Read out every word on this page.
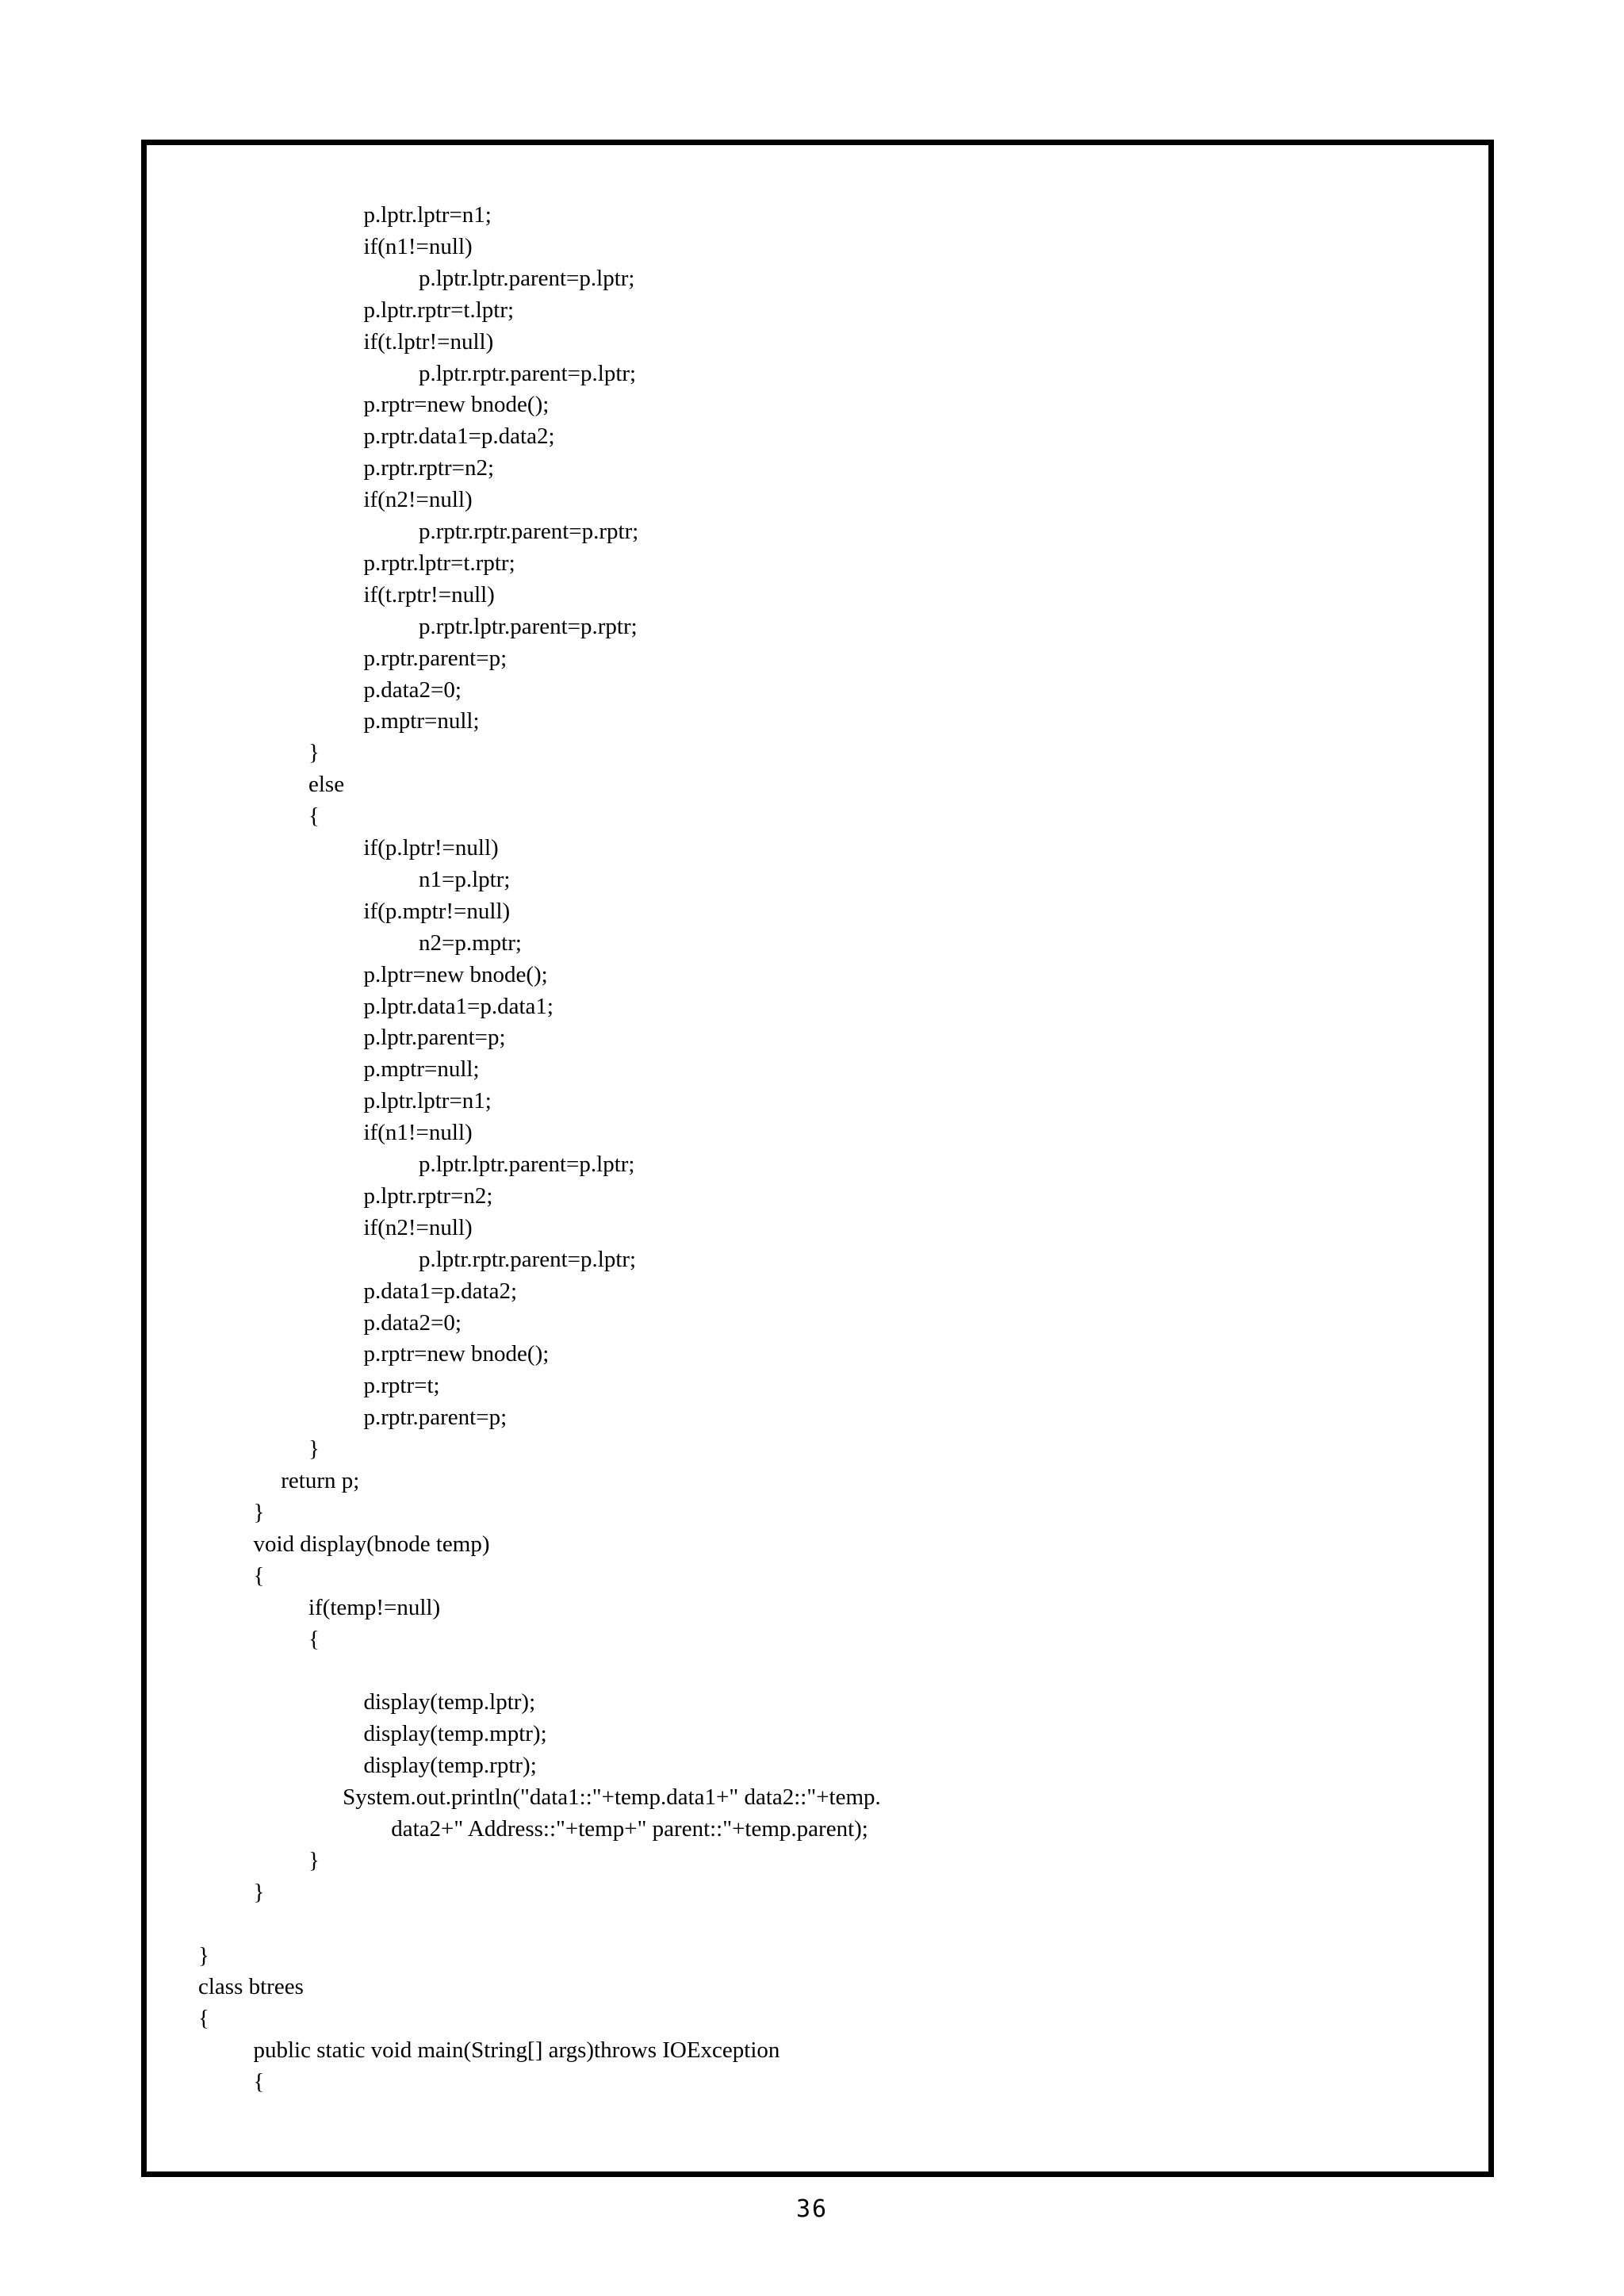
p.lptr.lptr=n1;
if(n1!=null)
p.lptr.lptr.parent=p.lptr;
p.lptr.rptr=t.lptr;
if(t.lptr!=null)
p.lptr.rptr.parent=p.lptr;
p.rptr=new bnode();
p.rptr.data1=p.data2;
p.rptr.rptr=n2;
if(n2!=null)
p.rptr.rptr.parent=p.rptr;
p.rptr.lptr=t.rptr;
if(t.rptr!=null)
p.rptr.lptr.parent=p.rptr;
p.rptr.parent=p;
p.data2=0;
p.mptr=null;
}
else
{
if(p.lptr!=null)
n1=p.lptr;
if(p.mptr!=null)
n2=p.mptr;
p.lptr=new bnode();
p.lptr.data1=p.data1;
p.lptr.parent=p;
p.mptr=null;
p.lptr.lptr=n1;
if(n1!=null)
p.lptr.lptr.parent=p.lptr;
p.lptr.rptr=n2;
if(n2!=null)
p.lptr.rptr.parent=p.lptr;
p.data1=p.data2;
p.data2=0;
p.rptr=new bnode();
p.rptr=t;
p.rptr.parent=p;
}
return p;
}
void display(bnode temp)
{
if(temp!=null)
{
display(temp.lptr);
display(temp.mptr);
display(temp.rptr);
System.out.println("data1::"+temp.data1+" data2::"+temp.
data2+" Address::"+temp+" parent::"+temp.parent);
}
}
}
class btrees
{
public static void main(String[] args)throws IOException
{
36
